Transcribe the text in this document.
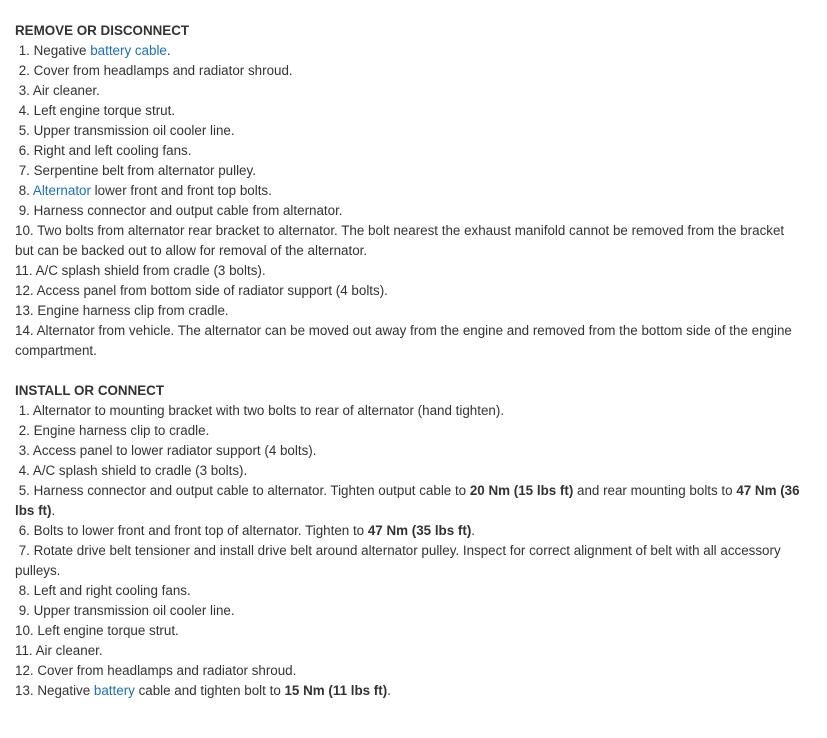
REMOVE OR DISCONNECT
1. Negative battery cable.
2. Cover from headlamps and radiator shroud.
3. Air cleaner.
4. Left engine torque strut.
5. Upper transmission oil cooler line.
6. Right and left cooling fans.
7. Serpentine belt from alternator pulley.
8. Alternator lower front and front top bolts.
9. Harness connector and output cable from alternator.
10. Two bolts from alternator rear bracket to alternator. The bolt nearest the exhaust manifold cannot be removed from the bracket but can be backed out to allow for removal of the alternator.
11. A/C splash shield from cradle (3 bolts).
12. Access panel from bottom side of radiator support (4 bolts).
13. Engine harness clip from cradle.
14. Alternator from vehicle. The alternator can be moved out away from the engine and removed from the bottom side of the engine compartment.
INSTALL OR CONNECT
1. Alternator to mounting bracket with two bolts to rear of alternator (hand tighten).
2. Engine harness clip to cradle.
3. Access panel to lower radiator support (4 bolts).
4. A/C splash shield to cradle (3 bolts).
5. Harness connector and output cable to alternator. Tighten output cable to 20 Nm (15 lbs ft) and rear mounting bolts to 47 Nm (36 lbs ft).
6. Bolts to lower front and front top of alternator. Tighten to 47 Nm (35 lbs ft).
7. Rotate drive belt tensioner and install drive belt around alternator pulley. Inspect for correct alignment of belt with all accessory pulleys.
8. Left and right cooling fans.
9. Upper transmission oil cooler line.
10. Left engine torque strut.
11. Air cleaner.
12. Cover from headlamps and radiator shroud.
13. Negative battery cable and tighten bolt to 15 Nm (11 lbs ft).
